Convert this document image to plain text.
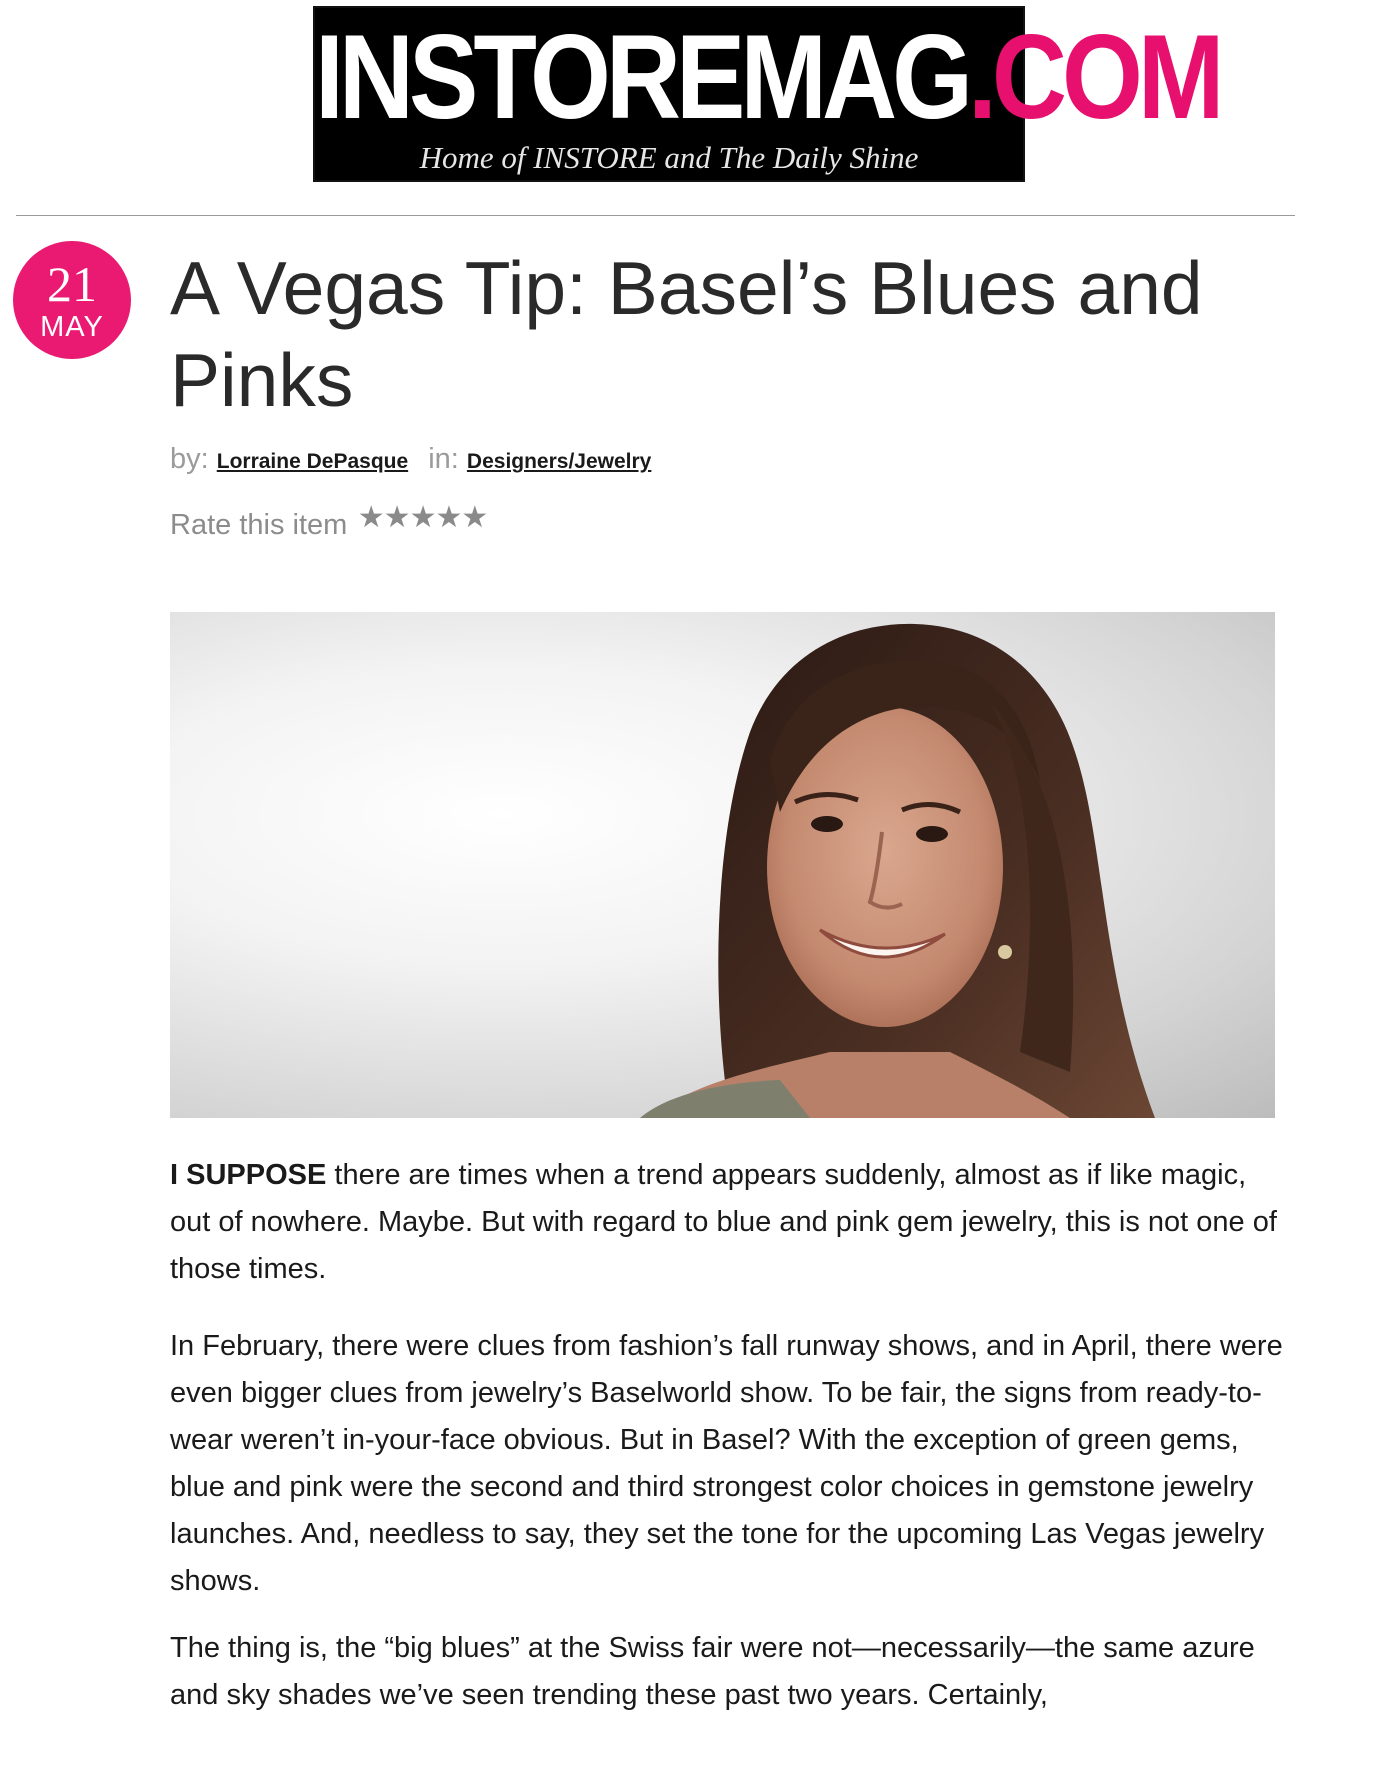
INSTOREMAG.COM
Home of INSTORE and The Daily Shine
21
MAY A Vegas Tip: Basel’s Blues and Pinks
by: Lorraine DePasque in: Designers/Jewelry
Rate this item ★★★★★

I SUPPOSE there are times when a trend appears suddenly, almost as if like magic, out of nowhere. Maybe. But with regard to blue and pink gem jewelry, this is not one of those times.

In February, there were clues from fashion’s fall runway shows, and in April, there were even bigger clues from jewelry’s Baselworld show. To be fair, the signs from ready-to-wear weren’t in-your-face obvious. But in Basel? With the exception of green gems, blue and pink were the second and third strongest color choices in gemstone jewelry launches. And, needless to say, they set the tone for the upcoming Las Vegas jewelry shows.

The thing is, the “big blues” at the Swiss fair were not—necessarily—the same azure and sky shades we’ve seen trending these past two years. Certainly,
